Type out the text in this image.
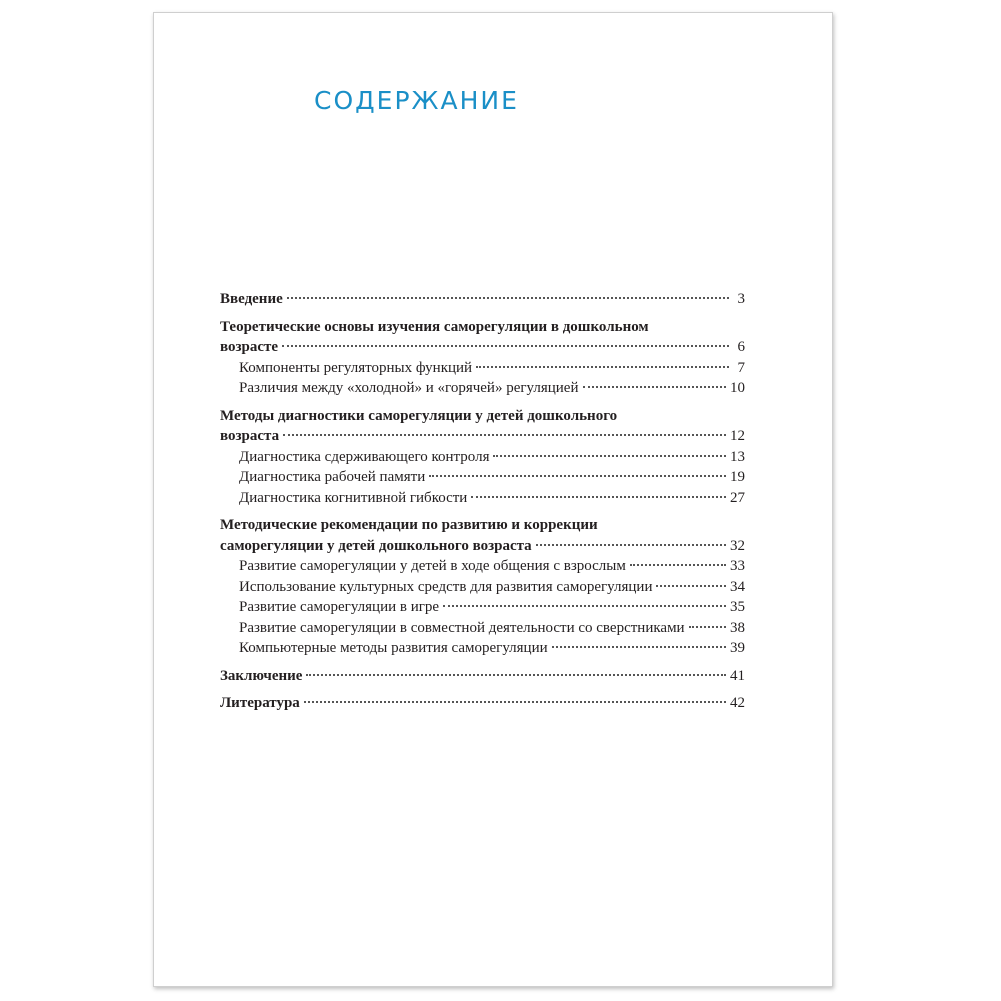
СОДЕРЖАНИЕ
Введение	3
Теоретические основы изучения саморегуляции в дошкольном
возрасте	6
Компоненты регуляторных функций	7
Различия между «холодной» и «горячей» регуляцией	10
Методы диагностики саморегуляции у детей дошкольного
возраста	12
Диагностика сдерживающего контроля	13
Диагностика рабочей памяти	19
Диагностика когнитивной гибкости	27
Методические рекомендации по развитию и коррекции
саморегуляции у детей дошкольного возраста	32
Развитие саморегуляции у детей в ходе общения с взрослым	33
Использование культурных средств для развития саморегуляции	34
Развитие саморегуляции в игре	35
Развитие саморегуляции в совместной деятельности со сверстниками	38
Компьютерные методы развития саморегуляции	39
Заключение	41
Литература	42
